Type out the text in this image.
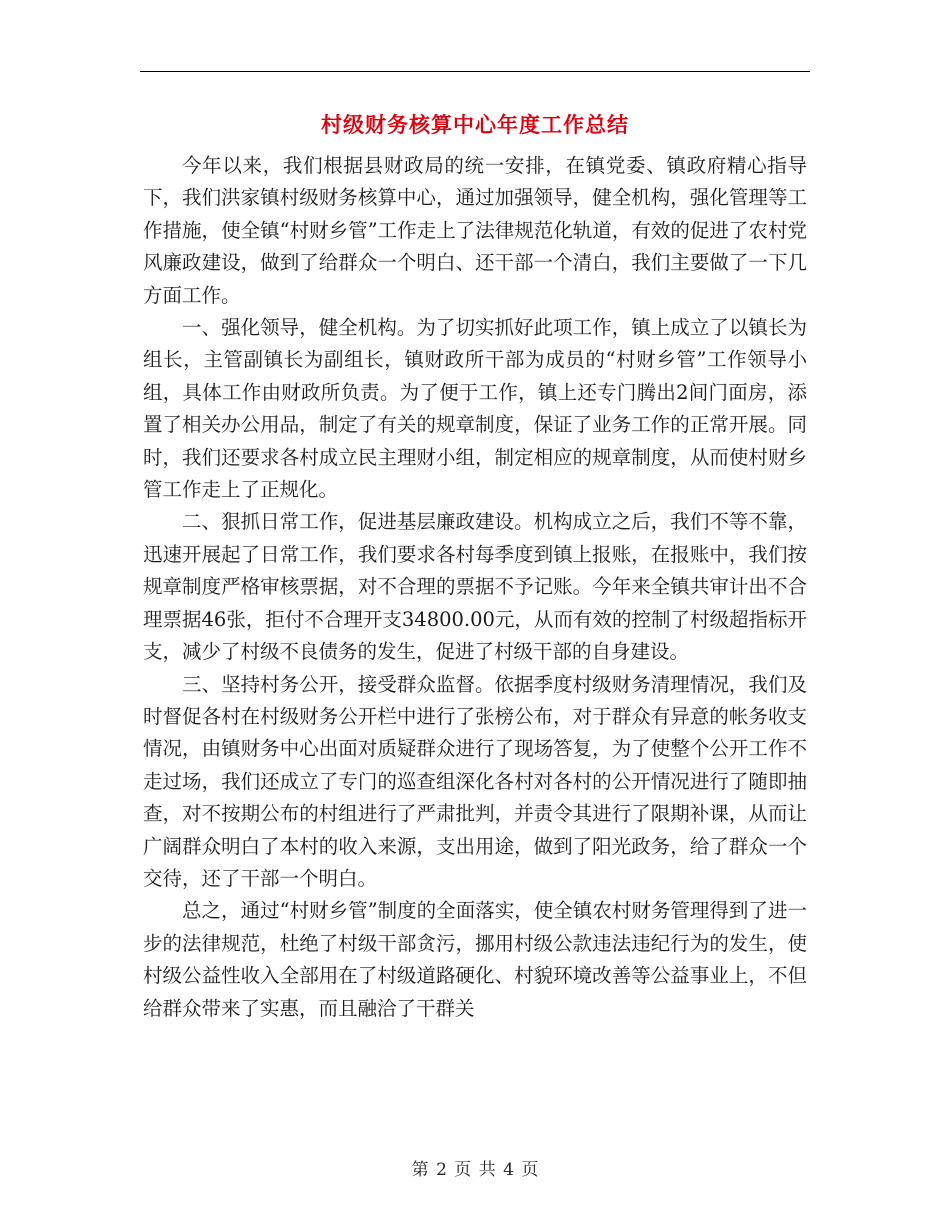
村级财务核算中心年度工作总结

今年以来，我们根据县财政局的统一安排，在镇党委、镇政府精心指导下，我们洪家镇村级财务核算中心，通过加强领导，健全机构，强化管理等工作措施，使全镇“村财乡管”工作走上了法律规范化轨道，有效的促进了农村党风廉政建设，做到了给群众一个明白、还干部一个清白，我们主要做了一下几方面工作。

一、强化领导，健全机构。为了切实抓好此项工作，镇上成立了以镇长为组长，主管副镇长为副组长，镇财政所干部为成员的“村财乡管”工作领导小组，具体工作由财政所负责。为了便于工作，镇上还专门腾出2间门面房，添置了相关办公用品，制定了有关的规章制度，保证了业务工作的正常开展。同时，我们还要求各村成立民主理财小组，制定相应的规章制度，从而使村财乡管工作走上了正规化。

二、狠抓日常工作，促进基层廉政建设。机构成立之后，我们不等不靠，迅速开展起了日常工作，我们要求各村每季度到镇上报账，在报账中，我们按规章制度严格审核票据，对不合理的票据不予记账。今年来全镇共审计出不合理票据46张，拒付不合理开支34800.00元，从而有效的控制了村级超指标开支，减少了村级不良债务的发生，促进了村级干部的自身建设。

三、坚持村务公开，接受群众监督。依据季度村级财务清理情况，我们及时督促各村在村级财务公开栏中进行了张榜公布，对于群众有异意的帐务收支情况，由镇财务中心出面对质疑群众进行了现场答复，为了使整个公开工作不走过场，我们还成立了专门的巡查组深化各村对各村的公开情况进行了随即抽查，对不按期公布的村组进行了严肃批判，并责令其进行了限期补课，从而让广阔群众明白了本村的收入来源，支出用途，做到了阳光政务，给了群众一个交待，还了干部一个明白。

总之，通过“村财乡管”制度的全面落实，使全镇农村财务管理得到了进一步的法律规范，杜绝了村级干部贪污，挪用村级公款违法违纪行为的发生，使村级公益性收入全部用在了村级道路硬化、村貌环境改善等公益事业上，不但给群众带来了实惠，而且融洽了干群关

第 2 页 共 4 页
